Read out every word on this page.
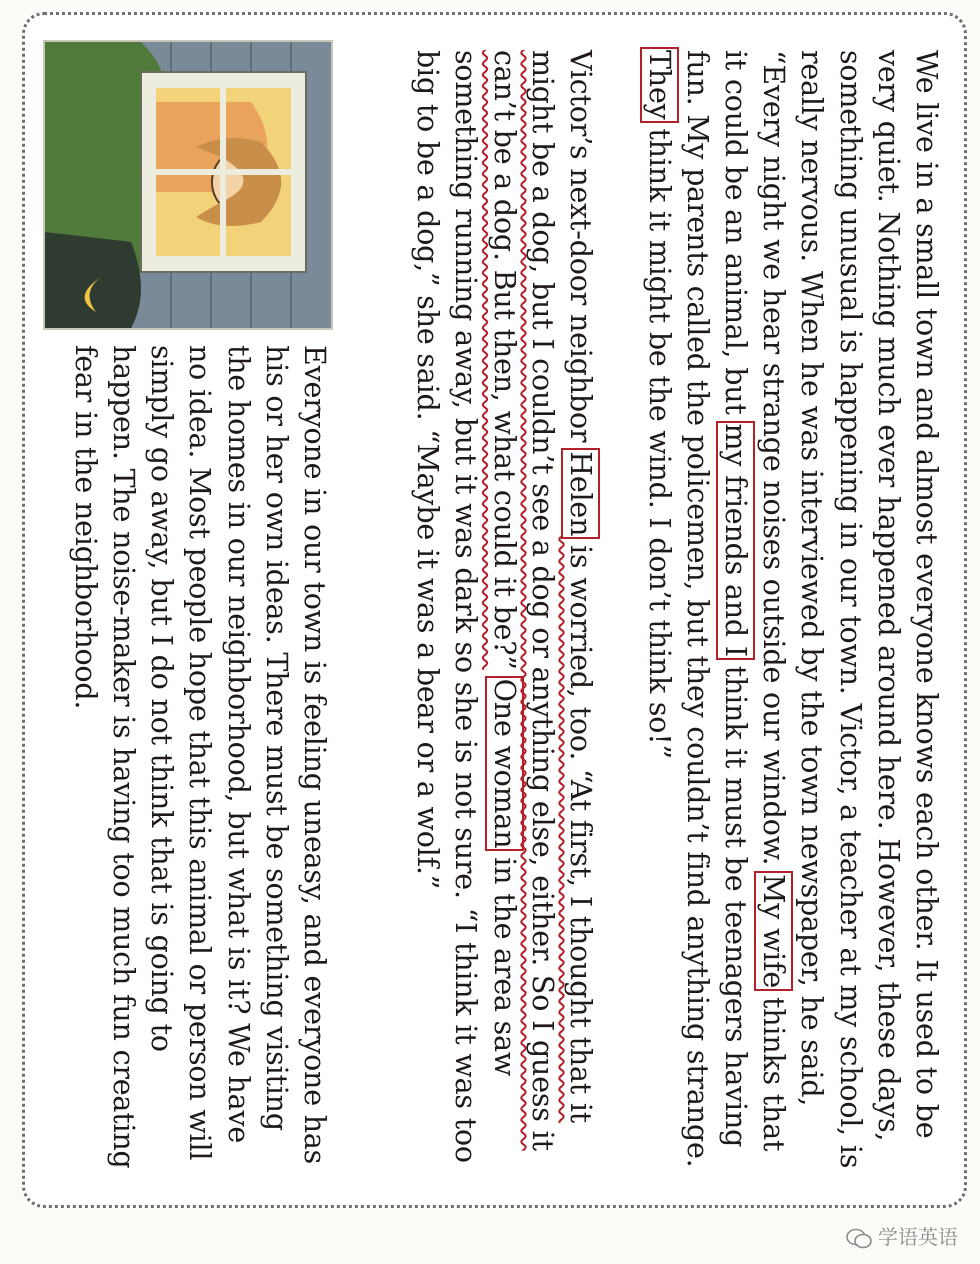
We live in a small town and almost everyone knows each other. It used to be very quiet. Nothing much ever happened around here. However, these days, something unusual is happening in our town. Victor, a teacher at my school, is really nervous. When he was interviewed by the town newspaper, he said, “Every night we hear strange noises outside our window. My wife thinks that it could be an animal, but my friends and I think it must be teenagers having fun. My parents called the policemen, but they couldn’t find anything strange. They think it might be the wind. I don’t think so!”

Victor’s next-door neighbor Helen is worried, too. “At first, I thought that it might be a dog, but I couldn’t see a dog or anything else, either. So I guess it can’t be a dog. But then, what could it be?” One woman in the area saw something running away, but it was dark so she is not sure. “I think it was too big to be a dog,” she said. “Maybe it was a bear or a wolf.”

Everyone in our town is feeling uneasy, and everyone has his or her own ideas. There must be something visiting the homes in our neighborhood, but what is it? We have no idea. Most people hope that this animal or person will simply go away, but I do not think that is going to happen. The noise-maker is having too much fun creating fear in the neighborhood.

学语英语
